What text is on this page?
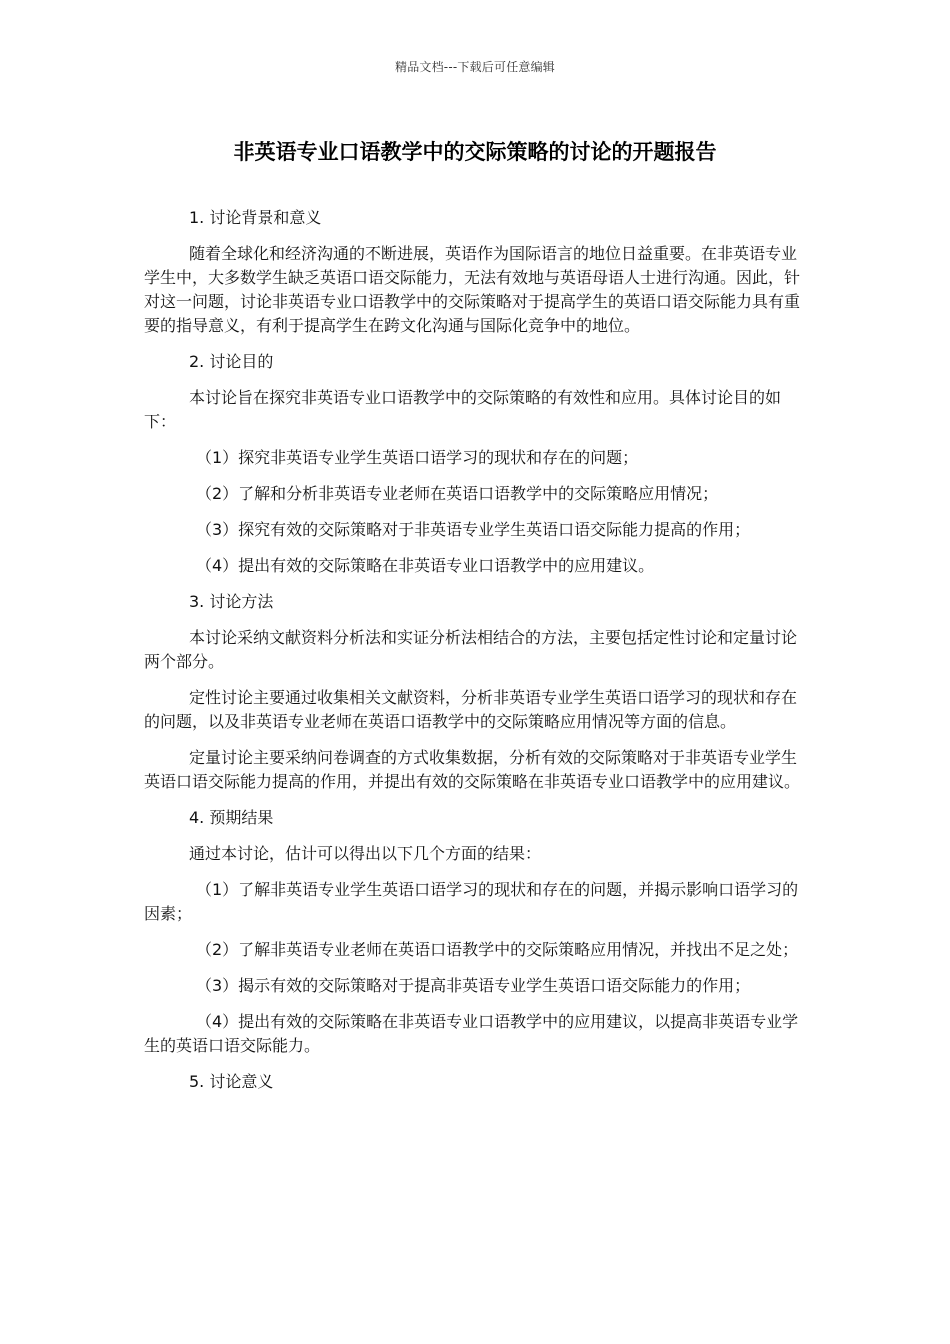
精品文档---下载后可任意编辑
非英语专业口语教学中的交际策略的讨论的开题报告

1. 讨论背景和意义

随着全球化和经济沟通的不断进展，英语作为国际语言的地位日益重要。在非英语专业学生中，大多数学生缺乏英语口语交际能力，无法有效地与英语母语人士进行沟通。因此，针对这一问题，讨论非英语专业口语教学中的交际策略对于提高学生的英语口语交际能力具有重要的指导意义，有利于提高学生在跨文化沟通与国际化竞争中的地位。

2. 讨论目的

本讨论旨在探究非英语专业口语教学中的交际策略的有效性和应用。具体讨论目的如下：

（1）探究非英语专业学生英语口语学习的现状和存在的问题；

（2）了解和分析非英语专业老师在英语口语教学中的交际策略应用情况；

（3）探究有效的交际策略对于非英语专业学生英语口语交际能力提高的作用；

（4）提出有效的交际策略在非英语专业口语教学中的应用建议。

3. 讨论方法

本讨论采纳文献资料分析法和实证分析法相结合的方法，主要包括定性讨论和定量讨论两个部分。

定性讨论主要通过收集相关文献资料，分析非英语专业学生英语口语学习的现状和存在的问题，以及非英语专业老师在英语口语教学中的交际策略应用情况等方面的信息。

定量讨论主要采纳问卷调查的方式收集数据，分析有效的交际策略对于非英语专业学生英语口语交际能力提高的作用，并提出有效的交际策略在非英语专业口语教学中的应用建议。

4. 预期结果

通过本讨论，估计可以得出以下几个方面的结果：

（1）了解非英语专业学生英语口语学习的现状和存在的问题，并揭示影响口语学习的因素；

（2）了解非英语专业老师在英语口语教学中的交际策略应用情况，并找出不足之处；

（3）揭示有效的交际策略对于提高非英语专业学生英语口语交际能力的作用；

（4）提出有效的交际策略在非英语专业口语教学中的应用建议，以提高非英语专业学生的英语口语交际能力。

5. 讨论意义
